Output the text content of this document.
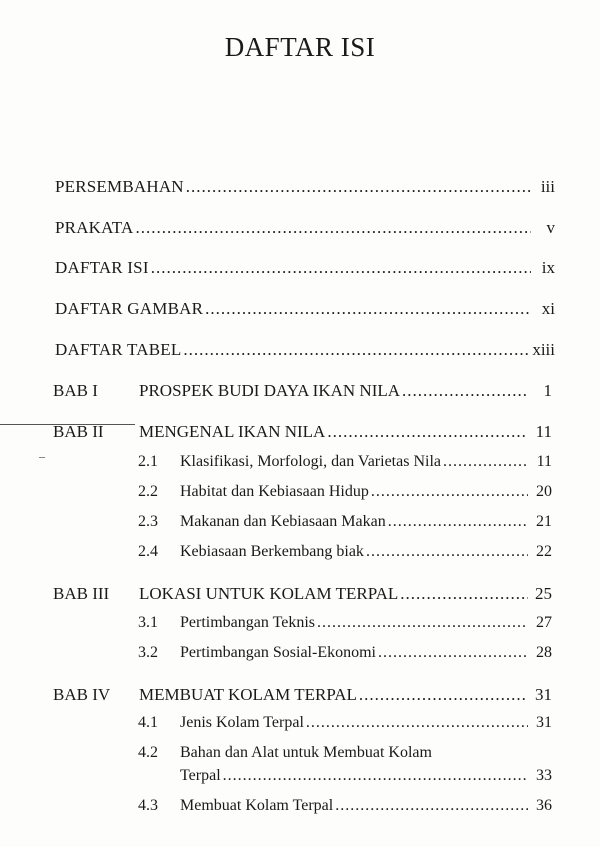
DAFTAR ISI
PERSEMBAHAN .....	iii
PRAKATA .....	v
DAFTAR ISI .....	ix
DAFTAR GAMBAR .....	xi
DAFTAR TABEL .....	xiii
BAB I PROSPEK BUDI DAYA IKAN NILA .....	1
BAB II MENGENAL IKAN NILA .....	11
2.1 Klasifikasi, Morfologi, dan Varietas Nila .....	11
2.2 Habitat dan Kebiasaan Hidup .....	20
2.3 Makanan dan Kebiasaan Makan .....	21
2.4 Kebiasaan Berkembang biak .....	22
BAB III LOKASI UNTUK KOLAM TERPAL .....	25
3.1 Pertimbangan Teknis .....	27
3.2 Pertimbangan Sosial-Ekonomi .....	28
BAB IV MEMBUAT KOLAM TERPAL .....	31
4.1 Jenis Kolam Terpal .....	31
4.2 Bahan dan Alat untuk Membuat Kolam
Terpal .....	33
4.3 Membuat Kolam Terpal .....	36
